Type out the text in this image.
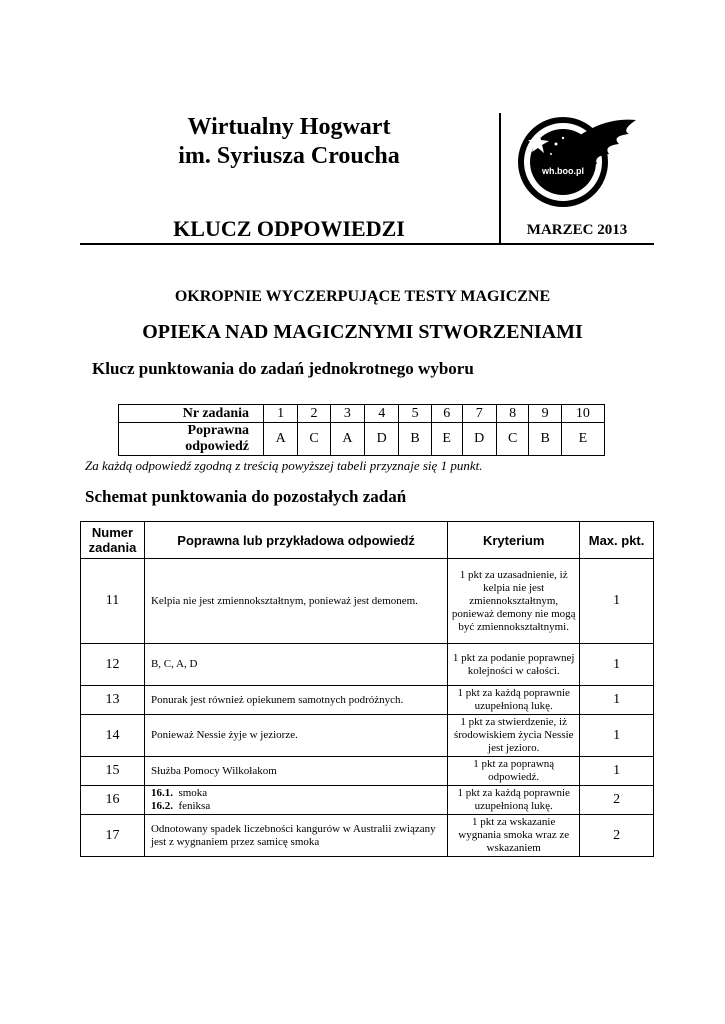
Wirtualny Hogwart
im. Syriusza Croucha
KLUCZ ODPOWIEDZI	MARZEC 2013
wh.boo.pl
OKROPNIE WYCZERPUJĄCE TESTY MAGICZNE
OPIEKA NAD MAGICZNYMI STWORZENIAMI
Klucz punktowania do zadań jednokrotnego wyboru
Nr zadania	1	2	3	4	5	6	7	8	9	10
Poprawna odpowiedź	A	C	A	D	B	E	D	C	B	E
Za każdą odpowiedź zgodną z treścią powyższej tabeli przyznaje się 1 punkt.
Schemat punktowania do pozostałych zadań
Numer zadania	Poprawna lub przykładowa odpowiedź	Kryterium	Max. pkt.
11	Kelpia nie jest zmiennokształtnym, ponieważ jest demonem.	1 pkt za uzasadnienie, iż kelpia nie jest zmiennokształtnym, ponieważ demony nie mogą być zmiennokształtnymi.	1
12	B, C, A, D	1 pkt za podanie poprawnej kolejności w całości.	1
13	Ponurak jest również opiekunem samotnych podróżnych.	1 pkt za każdą poprawnie uzupełnioną lukę.	1
14	Ponieważ Nessie żyje w jeziorze.	1 pkt za stwierdzenie, iż środowiskiem życia Nessie jest jezioro.	1
15	Służba Pomocy Wilkołakom	1 pkt za poprawną odpowiedź.	1
16	16.1. smoka
16.2. feniksa	1 pkt za każdą poprawnie uzupełnioną lukę.	2
17	Odnotowany spadek liczebności kangurów w Australii związany jest z wygnaniem przez samicę smoka	1 pkt za wskazanie wygnania smoka wraz ze wskazaniem	2
